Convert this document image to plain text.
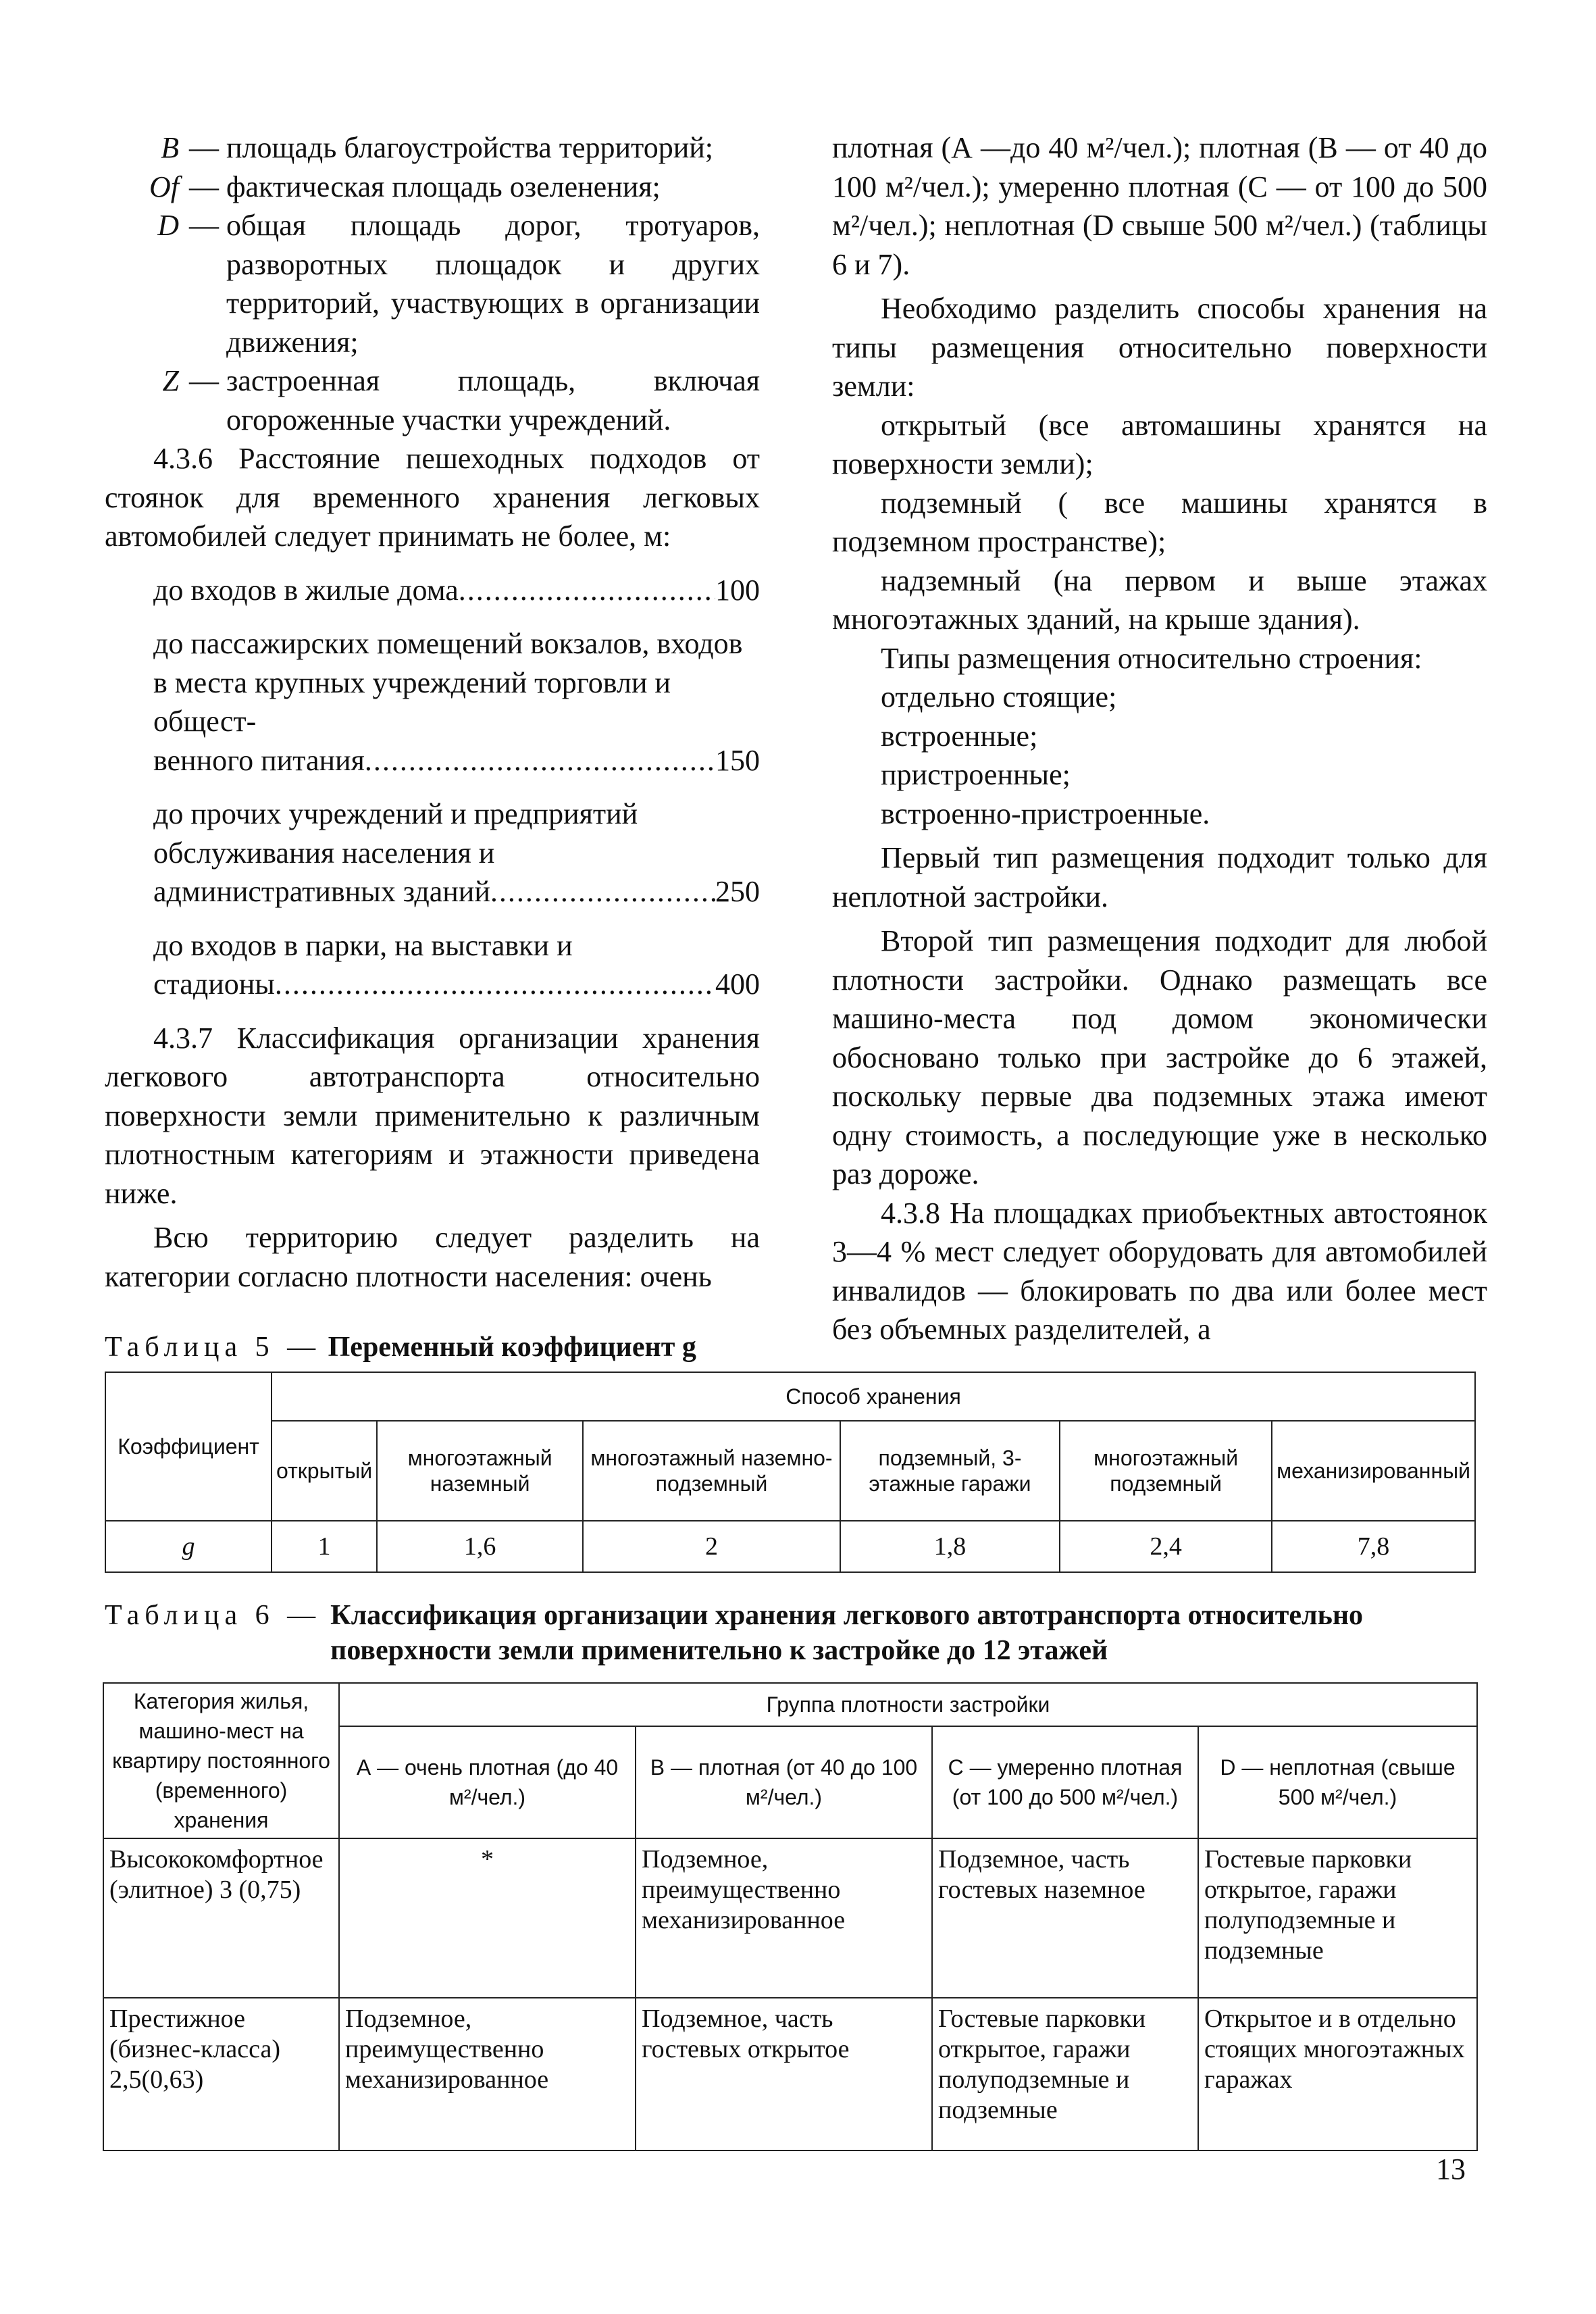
B — площадь благоустройства территорий;

Of — фактическая площадь озеленения;

D — общая площадь дорог, тротуаров, разворотных площадок и других территорий, участвующих в организации движения;

Z — застроенная площадь, включая огороженные участки учреждений.

4.3.6 Расстояние пешеходных подходов от стоянок для временного хранения легковых автомобилей следует принимать не более, м:

до входов в жилые дома .....	100
до пассажирских помещений вокзалов, входов в места крупных учреждений торговли и общест-
венного питания .....	150
до прочих учреждений и предприятий обслуживания населения и
административных зданий .....	250
до входов в парки, на выставки и
стадионы .....	400

4.3.7 Классификация организации хранения легкового автотранспорта относительно поверхности земли применительно к различным плотностным категориям и этажности приведена ниже.

Всю территорию следует разделить на категории согласно плотности населения: очень

плотная (А —до 40 м²/чел.); плотная (В — от 40 до 100 м²/чел.); умеренно плотная (С — от 100 до 500 м²/чел.); неплотная (D свыше 500 м²/чел.) (таблицы 6 и 7).

Необходимо разделить способы хранения на типы размещения относительно поверхности земли:

открытый (все автомашины хранятся на поверхности земли);

подземный ( все машины хранятся в подземном пространстве);

надземный (на первом и выше этажах многоэтажных зданий, на крыше здания).

Типы размещения относительно строения:

отдельно стоящие;

встроенные;

пристроенные;

встроенно-пристроенные.

Первый тип размещения подходит только для неплотной застройки.

Второй тип размещения подходит для любой плотности застройки. Однако размещать все машино-места под домом экономически обосновано только при застройке до 6 этажей, поскольку первые два подземных этажа имеют одну стоимость, а последующие уже в несколько раз дороже.

4.3.8 На площадках приобъектных автостоянок 3—4 % мест следует оборудовать для автомобилей инвалидов — блокировать по два или более мест без объемных разделителей, а

Таблица 5 — Переменный коэффициент g
Коэффициент	Способ хранения					
	открытый	многоэтажный наземный	многоэтажный наземно-подземный	подземный, 3-этажные гаражи	многоэтажный подземный	механизированный
g	1	1,6	2	1,8	2,4	7,8
Таблица 6 — Классификация организации хранения легкового автотранспорта относительно поверхности земли применительно к застройке до 12 этажей
Категория жилья, машино-мест на квартиру постоянного (временного) хранения	Группа плотности застройки			
	А — очень плотная (до 40 м²/чел.)	В — плотная (от 40 до 100 м²/чел.)	С — умеренно плотная (от 100 до 500 м²/чел.)	D — неплотная (свыше 500 м²/чел.)
Высококомфортное (элитное) 3 (0,75)	*	Подземное, преимущественно механизированное	Подземное, часть гостевых наземное	Гостевые парковки открытое, гаражи полуподземные и подземные
Престижное (бизнес-класса) 2,5(0,63)	Подземное, преимущественно механизированное	Подземное, часть гостевых открытое	Гостевые парковки открытое, гаражи полуподземные и подземные	Открытое и в отдельно стоящих многоэтажных гаражах
13
